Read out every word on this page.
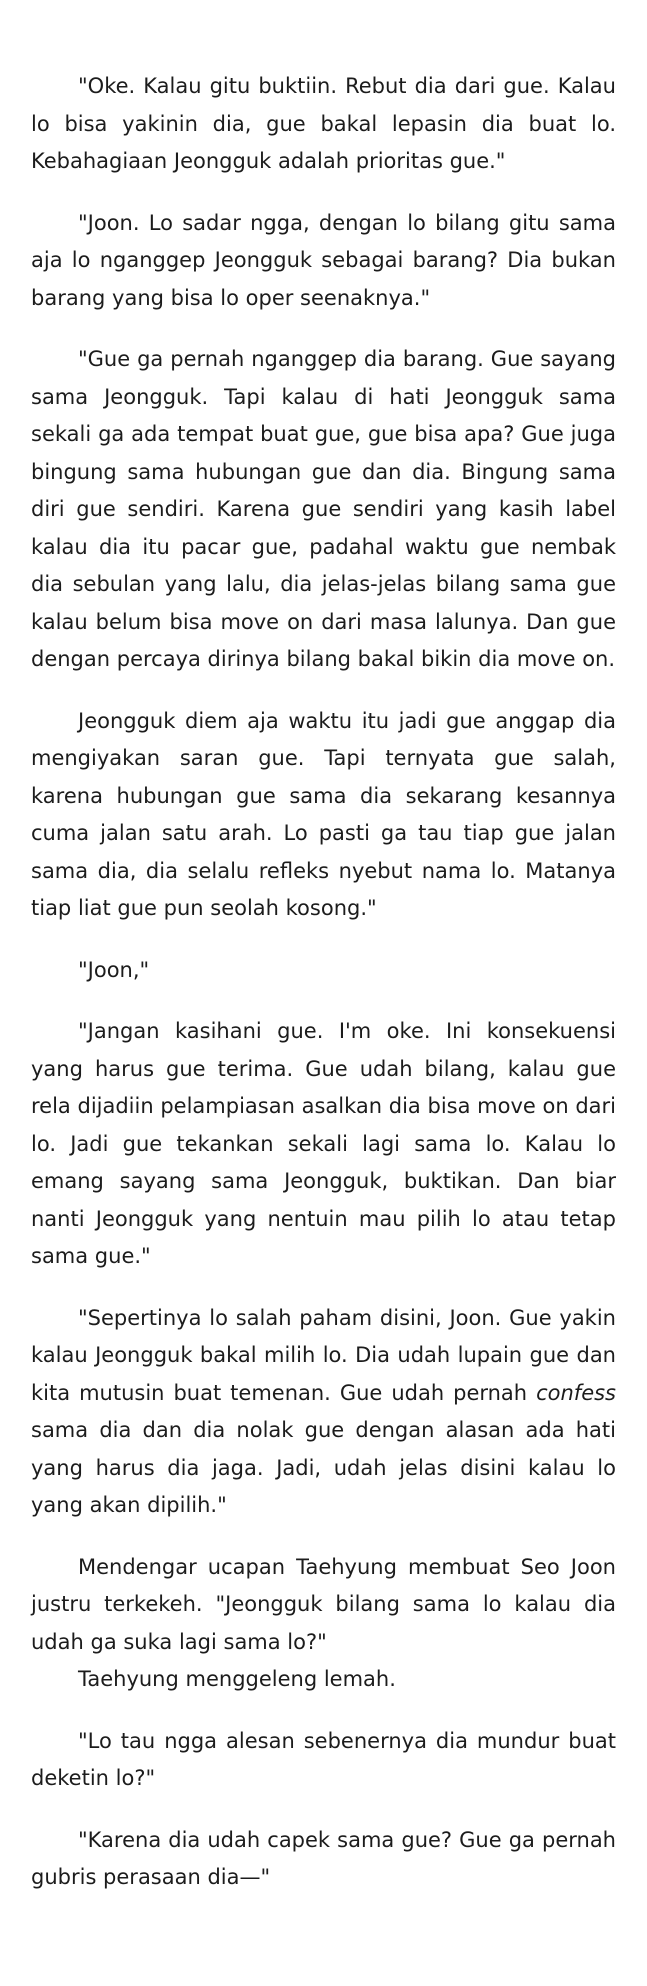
"Oke. Kalau gitu buktiin. Rebut dia dari gue. Kalau lo bisa yakinin dia, gue bakal lepasin dia buat lo. Kebahagiaan Jeongguk adalah prioritas gue."

"Joon. Lo sadar ngga, dengan lo bilang gitu sama aja lo nganggep Jeongguk sebagai barang? Dia bukan barang yang bisa lo oper seenaknya."

"Gue ga pernah nganggep dia barang. Gue sayang sama Jeongguk. Tapi kalau di hati Jeongguk sama sekali ga ada tempat buat gue, gue bisa apa? Gue juga bingung sama hubungan gue dan dia. Bingung sama diri gue sendiri. Karena gue sendiri yang kasih label kalau dia itu pacar gue, padahal waktu gue nembak dia sebulan yang lalu, dia jelas-jelas bilang sama gue kalau belum bisa move on dari masa lalunya. Dan gue dengan percaya dirinya bilang bakal bikin dia move on.

Jeongguk diem aja waktu itu jadi gue anggap dia mengiyakan saran gue. Tapi ternyata gue salah, karena hubungan gue sama dia sekarang kesannya cuma jalan satu arah. Lo pasti ga tau tiap gue jalan sama dia, dia selalu refleks nyebut nama lo. Matanya tiap liat gue pun seolah kosong."

"Joon,"

"Jangan kasihani gue. I'm oke. Ini konsekuensi yang harus gue terima. Gue udah bilang, kalau gue rela dijadiin pelampiasan asalkan dia bisa move on dari lo. Jadi gue tekankan sekali lagi sama lo. Kalau lo emang sayang sama Jeongguk, buktikan. Dan biar nanti Jeongguk yang nentuin mau pilih lo atau tetap sama gue."

"Sepertinya lo salah paham disini, Joon. Gue yakin kalau Jeongguk bakal milih lo. Dia udah lupain gue dan kita mutusin buat temenan. Gue udah pernah confess sama dia dan dia nolak gue dengan alasan ada hati yang harus dia jaga. Jadi, udah jelas disini kalau lo yang akan dipilih."

Mendengar ucapan Taehyung membuat Seo Joon justru terkekeh. "Jeongguk bilang sama lo kalau dia udah ga suka lagi sama lo?"

Taehyung menggeleng lemah.

"Lo tau ngga alesan sebenernya dia mundur buat deketin lo?"

"Karena dia udah capek sama gue? Gue ga pernah gubris perasaan dia—"
